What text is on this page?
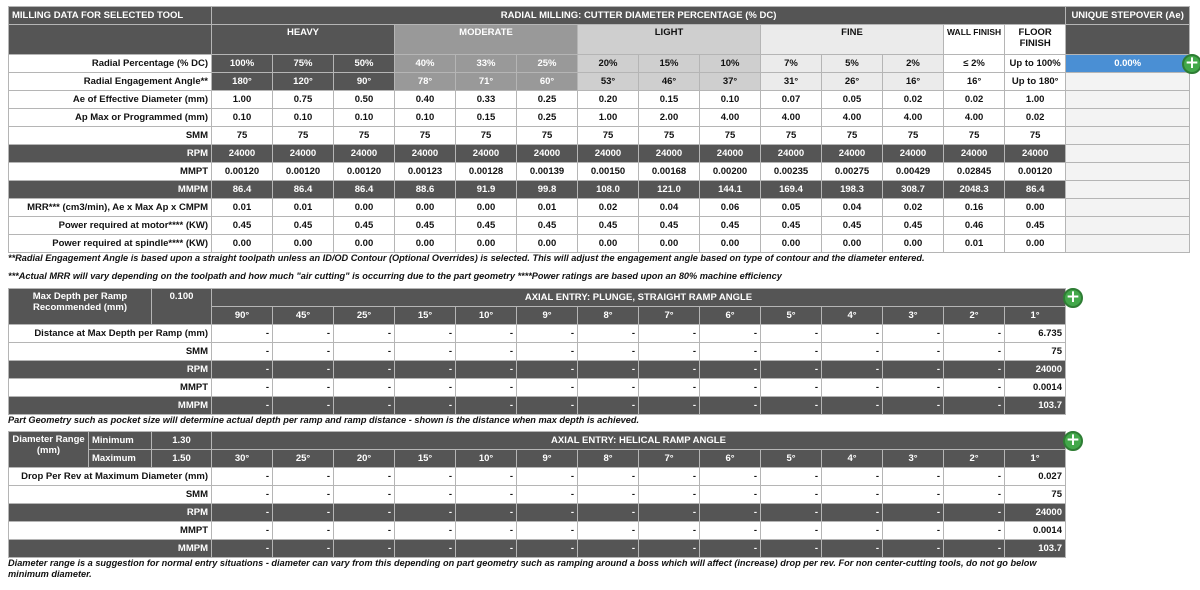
MILLING DATA FOR SELECTED TOOL	RADIAL MILLING: CUTTER DIAMETER PERCENTAGE (% DC)														UNIQUE STEPOVER (Ae)
	HEAVY			MODERATE			LIGHT			FINE			WALL FINISH	FLOOR FINISH	
Radial Percentage (% DC)	100%	75%	50%	40%	33%	25%	20%	15%	10%	7%	5%	2%	≤ 2%	Up to 100%	0.00%
Radial Engagement Angle**	180°	120°	90°	78°	71°	60°	53°	46°	37°	31°	26°	16°	16°	Up to 180°	
Ae of Effective Diameter (mm)	1.00	0.75	0.50	0.40	0.33	0.25	0.20	0.15	0.10	0.07	0.05	0.02	0.02	1.00	
Ap Max or Programmed (mm)	0.10	0.10	0.10	0.10	0.15	0.25	1.00	2.00	4.00	4.00	4.00	4.00	4.00	0.02	
SMM	75	75	75	75	75	75	75	75	75	75	75	75	75	75	
RPM	24000	24000	24000	24000	24000	24000	24000	24000	24000	24000	24000	24000	24000	24000	
MMPT	0.00120	0.00120	0.00120	0.00123	0.00128	0.00139	0.00150	0.00168	0.00200	0.00235	0.00275	0.00429	0.02845	0.00120	
MMPM	86.4	86.4	86.4	88.6	91.9	99.8	108.0	121.0	144.1	169.4	198.3	308.7	2048.3	86.4	
MRR*** (cm3/min), Ae x Max Ap x CMPM	0.01	0.01	0.00	0.00	0.00	0.01	0.02	0.04	0.06	0.05	0.04	0.02	0.16	0.00	
Power required at motor**** (KW)	0.45	0.45	0.45	0.45	0.45	0.45	0.45	0.45	0.45	0.45	0.45	0.45	0.46	0.45	
Power required at spindle**** (KW)	0.00	0.00	0.00	0.00	0.00	0.00	0.00	0.00	0.00	0.00	0.00	0.00	0.01	0.00	
+
**Radial Engagement Angle is based upon a straight toolpath unless an ID/OD Contour (Optional Overrides) is selected. This will adjust the engagement angle based on type of contour and the diameter entered.
***Actual MRR will vary depending on the toolpath and how much "air cutting" is occurring due to the part geometry ****Power ratings are based upon an 80% machine efficiency
Max Depth per Ramp Recommended (mm)	0.100	AXIAL ENTRY: PLUNGE, STRAIGHT RAMP ANGLE													
		90°	45°	25°	15°	10°	9°	8°	7°	6°	5°	4°	3°	2°	1°
Distance at Max Depth per Ramp (mm)		-	-	-	-	-	-	-	-	-	-	-	-	-	6.735
SMM		-	-	-	-	-	-	-	-	-	-	-	-	-	75
RPM		-	-	-	-	-	-	-	-	-	-	-	-	-	24000
MMPT		-	-	-	-	-	-	-	-	-	-	-	-	-	0.0014
MMPM		-	-	-	-	-	-	-	-	-	-	-	-	-	103.7
+
Part Geometry such as pocket size will determine actual depth per ramp and ramp distance - shown is the distance when max depth is achieved.
Diameter Range (mm)	Minimum	1.30	AXIAL ENTRY: HELICAL RAMP ANGLE													
	Maximum	1.50	30°	25°	20°	15°	10°	9°	8°	7°	6°	5°	4°	3°	2°	1°
Drop Per Rev at Maximum Diameter (mm)			-	-	-	-	-	-	-	-	-	-	-	-	-	0.027
SMM			-	-	-	-	-	-	-	-	-	-	-	-	-	75
RPM			-	-	-	-	-	-	-	-	-	-	-	-	-	24000
MMPT			-	-	-	-	-	-	-	-	-	-	-	-	-	0.0014
MMPM			-	-	-	-	-	-	-	-	-	-	-	-	-	103.7
+
Diameter range is a suggestion for normal entry situations - diameter can vary from this depending on part geometry such as ramping around a boss which will affect (increase) drop per rev. For non center-cutting tools, do not go below minimum diameter.
